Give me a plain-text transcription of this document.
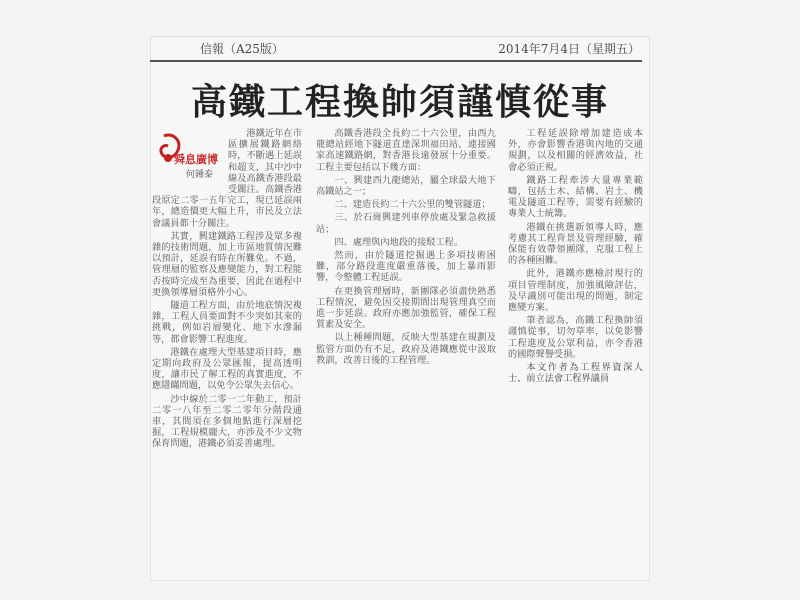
信報（A25版）	2014年7月4日（星期五）
高鐵工程換帥須謹慎從事
舜息廣博
何鍾泰

港鐵近年在市區擴展鐵路網絡時，不斷遇上延誤和超支，其中沙中線及高鐵香港段最受關注。高鐵香港段原定二零一五年完工，現已延誤兩年，總造價更大幅上升，市民及立法會議員都十分關注。

其實，興建鐵路工程涉及眾多複雜的技術問題，加上市區地質情況難以預計，延誤有時在所難免。不過，管理層的監察及應變能力，對工程能否按時完成至為重要，因此在過程中更換領導層須格外小心。

隧道工程方面，由於地底情況複雜，工程人員要面對不少突如其來的挑戰，例如岩層變化、地下水滲漏等，都會影響工程進度。

港鐵在處理大型基建項目時，應定期向政府及公眾匯報，提高透明度，讓市民了解工程的真實進度，不應隱瞞問題，以免令公眾失去信心。

沙中線於二零一二年動工，預計二零一八年至二零二零年分階段通車，其間須在多個地點進行深層挖掘，工程規模龐大，亦涉及不少文物保育問題，港鐵必須妥善處理。

高鐵香港段全長約二十六公里，由西九龍總站經地下隧道直達深圳福田站，連接國家高速鐵路網，對香港長遠發展十分重要。工程主要包括以下幾方面：

一、興建西九龍總站，屬全球最大地下高鐵站之一；

二、建造長約二十六公里的雙管隧道；

三、於石崗興建列車停放處及緊急救援站；

四、處理與內地段的接駁工程。

然而，由於隧道挖掘遇上多項技術困難，部分路段進度嚴重落後，加上暴雨影響，令整體工程延誤。

在更換管理層時，新團隊必須盡快熟悉工程情況，避免因交接期間出現管理真空而進一步延誤。政府亦應加強監管，確保工程質素及安全。

以上種種問題，反映大型基建在規劃及監管方面仍有不足，政府及港鐵應從中汲取教訓，改善日後的工程管理。

工程延誤除增加建造成本外，亦會影響香港與內地的交通規劃，以及相關的經濟效益，社會必須正視。

鐵路工程牽涉大量專業範疇，包括土木、結構、岩土、機電及隧道工程等，需要有經驗的專業人士統籌。

港鐵在挑選新領導人時，應考慮其工程背景及管理經驗，確保能有效帶領團隊，克服工程上的各種困難。

此外，港鐵亦應檢討現行的項目管理制度，加強風險評估，及早識別可能出現的問題，制定應變方案。

筆者認為，高鐵工程換帥須謹慎從事，切勿草率，以免影響工程進度及公眾利益，亦令香港的國際聲譽受損。

本文作者為工程界資深人士、前立法會工程界議員
